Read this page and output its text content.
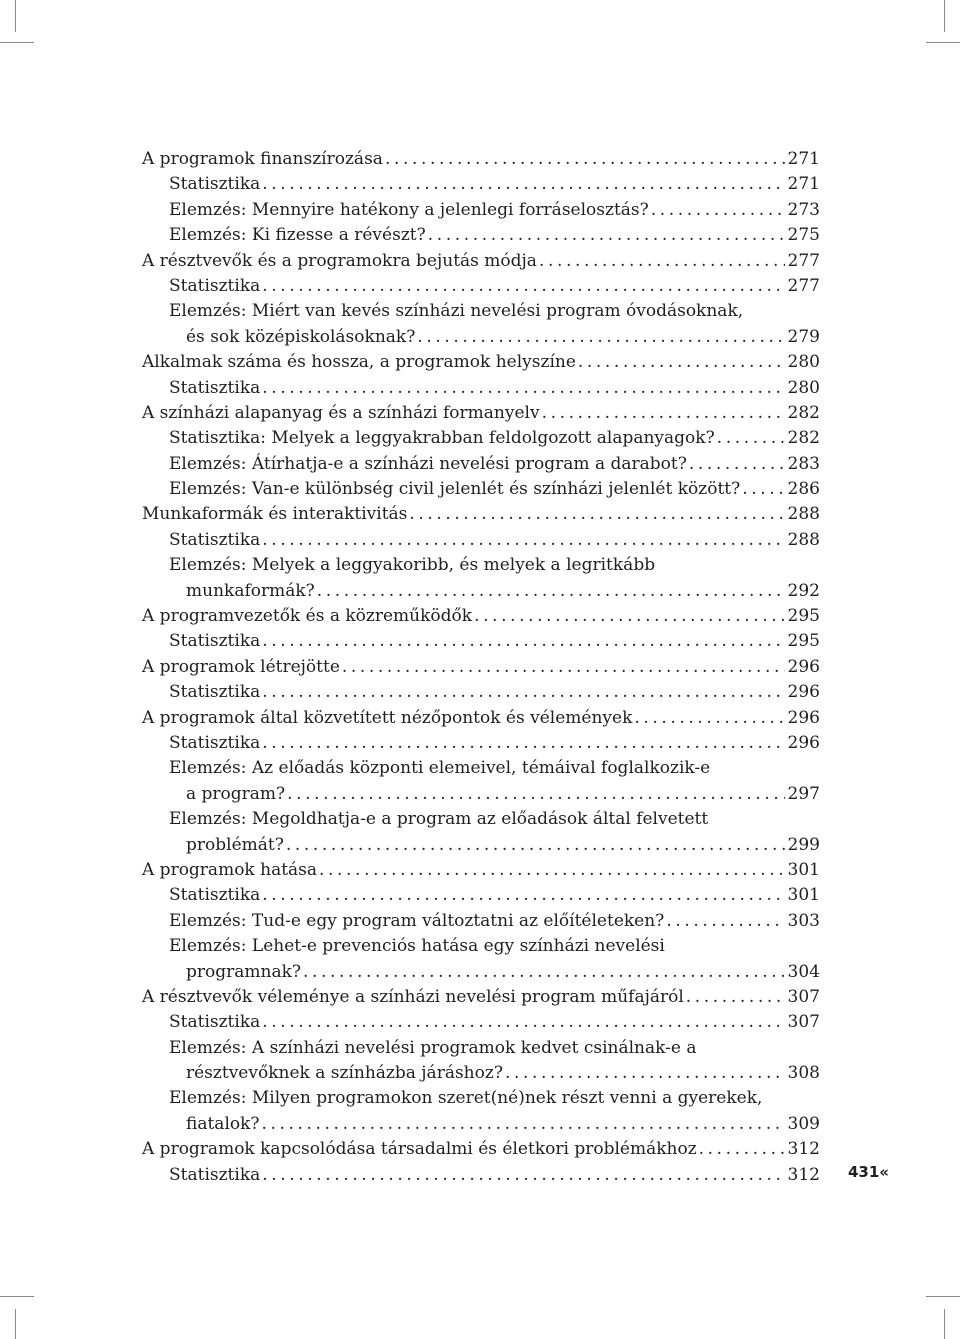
A programok finanszírozása .....	271
Statisztika .....	271
Elemzés: Mennyire hatékony a jelenlegi forráselosztás? .....	273
Elemzés: Ki fizesse a révészt? .....	275
A résztvevők és a programokra bejutás módja .....	277
Statisztika .....	277
Elemzés: Miért van kevés színházi nevelési program óvodásoknak,
és sok középiskolásoknak? .....	279
Alkalmak száma és hossza, a programok helyszíne .....	280
Statisztika .....	280
A színházi alapanyag és a színházi formanyelv .....	282
Statisztika: Melyek a leggyakrabban feldolgozott alapanyagok? .....	282
Elemzés: Átírhatja-e a színházi nevelési program a darabot? .....	283
Elemzés: Van-e különbség civil jelenlét és színházi jelenlét között? .....	286
Munkaformák és interaktivitás .....	288
Statisztika .....	288
Elemzés: Melyek a leggyakoribb, és melyek a legritkább
munkaformák? .....	292
A programvezetők és a közreműködők .....	295
Statisztika .....	295
A programok létrejötte .....	296
Statisztika .....	296
A programok által közvetített nézőpontok és vélemények .....	296
Statisztika .....	296
Elemzés: Az előadás központi elemeivel, témáival foglalkozik-e
a program? .....	297
Elemzés: Megoldhatja-e a program az előadások által felvetett
problémát? .....	299
A programok hatása .....	301
Statisztika .....	301
Elemzés: Tud-e egy program változtatni az előítéleteken? .....	303
Elemzés: Lehet-e prevenciós hatása egy színházi nevelési
programnak? .....	304
A résztvevők véleménye a színházi nevelési program műfajáról .....	307
Statisztika .....	307
Elemzés: A színházi nevelési programok kedvet csinálnak-e a
résztvevőknek a színházba járáshoz? .....	308
Elemzés: Milyen programokon szeret(né)nek részt venni a gyerekek,
fiatalok? .....	309
A programok kapcsolódása társadalmi és életkori problémákhoz .....	312
Statisztika .....	312 431«
